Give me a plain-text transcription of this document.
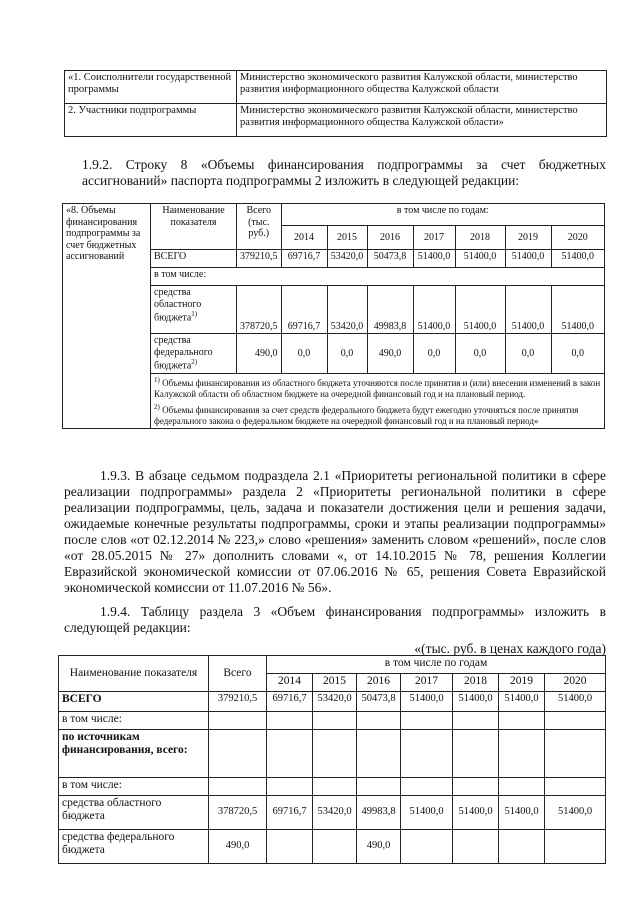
«1. Соисполнители государственной программы	Министерство экономического развития Калужской области, министерство развития информационного общества Калужской области
2. Участники подпрограммы	Министерство экономического развития Калужской области, министерство развития информационного общества Калужской области»

1.9.2. Строку 8 «Объемы финансирования подпрограммы за счет бюджетных ассигнований» паспорта подпрограммы 2 изложить в следующей редакции:

«8. Объемы финансирования подпрограммы за счет бюджетных ассигнований	Наименование показателя	Всего (тыс. руб.)	в том числе по годам:						
			2014	2015	2016	2017	2018	2019	2020
	ВСЕГО	379210,5	69716,7	53420,0	50473,8	51400,0	51400,0	51400,0	51400,0
	в том числе:								
	средства областного бюджета$^{1)}$	378720,5	69716,7	53420,0	49983,8	51400,0	51400,0	51400,0	51400,0
	средства федерального бюджета$^{2)}$	490,0	0,0	0,0	490,0	0,0	0,0	0,0	0,0

	$^{1)}$ Объемы финансирования из областного бюджета уточняются после принятия и (или) внесения изменений в закон Калужской области об областном бюджете на очередной финансовый год и на плановый период.
$^{2)}$ Объемы финансирования за счет средств федерального бюджета будут ежегодно уточняться после принятия федерального закона о федеральном бюджете на очередной финансовый год и на плановый период»								

1.9.3. В абзаце седьмом подраздела 2.1 «Приоритеты региональной политики в сфере реализации подпрограммы» раздела 2 «Приоритеты региональной политики в сфере реализации подпрограммы, цель, задача и показатели достижения цели и решения задачи, ожидаемые конечные результаты подпрограммы, сроки и этапы реализации подпрограммы» после слов «от 02.12.2014 № 223,» слово «решения» заменить словом «решений», после слов «от 28.05.2015 № 27» дополнить словами «, от 14.10.2015 № 78, решения Коллегии Евразийской экономической комиссии от 07.06.2016 № 65, решения Совета Евразийской экономической комиссии от 11.07.2016 № 56».

1.9.4. Таблицу раздела 3 «Объем финансирования подпрограммы» изложить в следующей редакции:

«(тыс. руб. в ценах каждого года)
Наименование показателя	Всего	в том числе по годам						
		2014	2015	2016	2017	2018	2019	2020
ВСЕГО	379210,5	69716,7	53420,0	50473,8	51400,0	51400,0	51400,0	51400,0
в том числе:								
по источникам финансирования, всего:								
в том числе:								
средства областного бюджета	378720,5	69716,7	53420,0	49983,8	51400,0	51400,0	51400,0	51400,0
средства федерального бюджета	490,0			490,0				
